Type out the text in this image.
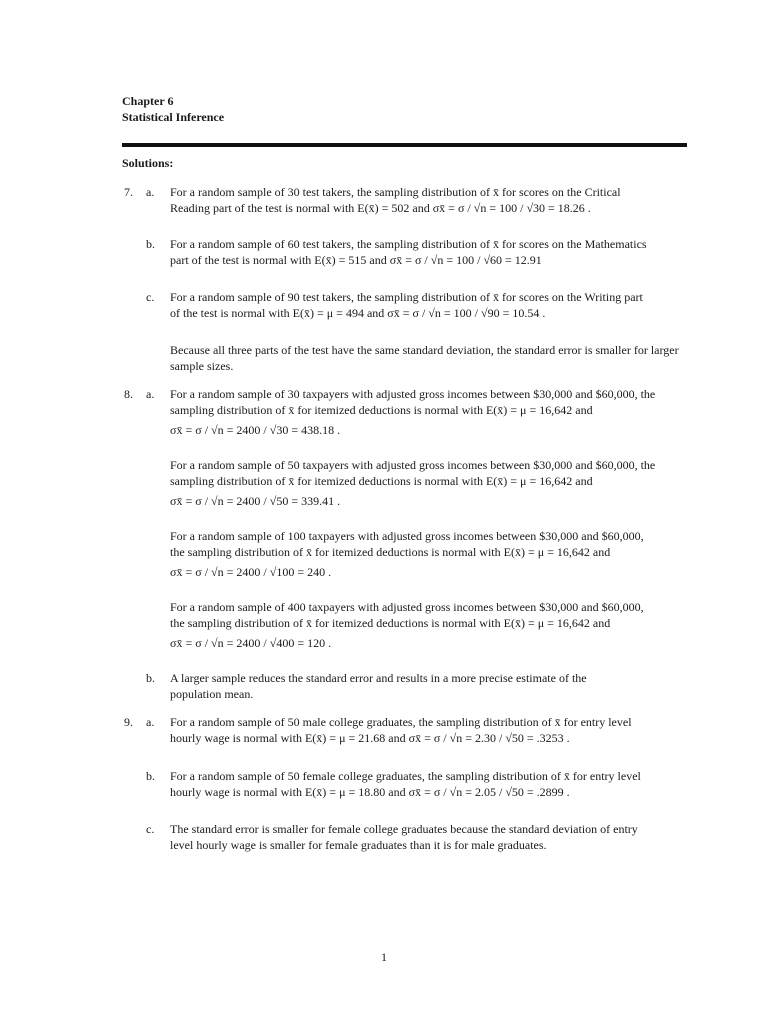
Chapter 6
Statistical Inference
Solutions:
7. a. For a random sample of 30 test takers, the sampling distribution of x̄ for scores on the Critical
Reading part of the test is normal with E(x̄) = 502 and σx̄ = σ / √n = 100 / √30 = 18.26 .
b. For a random sample of 60 test takers, the sampling distribution of x̄ for scores on the Mathematics
part of the test is normal with E(x̄) = 515 and σx̄ = σ / √n = 100 / √60 = 12.91
c. For a random sample of 90 test takers, the sampling distribution of x̄ for scores on the Writing part
of the test is normal with E(x̄) = μ = 494 and σx̄ = σ / √n = 100 / √90 = 10.54 .
Because all three parts of the test have the same standard deviation, the standard error is smaller for larger sample sizes.
8. a. For a random sample of 30 taxpayers with adjusted gross incomes between $30,000 and $60,000, the
sampling distribution of x̄ for itemized deductions is normal with E(x̄) = μ = 16,642 and
σx̄ = σ / √n = 2400 / √30 = 438.18 .
For a random sample of 50 taxpayers with adjusted gross incomes between $30,000 and $60,000, the
sampling distribution of x̄ for itemized deductions is normal with E(x̄) = μ = 16,642 and
σx̄ = σ / √n = 2400 / √50 = 339.41 .
For a random sample of 100 taxpayers with adjusted gross incomes between $30,000 and $60,000,
the sampling distribution of x̄ for itemized deductions is normal with E(x̄) = μ = 16,642 and
σx̄ = σ / √n = 2400 / √100 = 240 .
For a random sample of 400 taxpayers with adjusted gross incomes between $30,000 and $60,000,
the sampling distribution of x̄ for itemized deductions is normal with E(x̄) = μ = 16,642 and
σx̄ = σ / √n = 2400 / √400 = 120 .
b. A larger sample reduces the standard error and results in a more precise estimate of the
population mean.
9. a. For a random sample of 50 male college graduates, the sampling distribution of x̄ for entry level
hourly wage is normal with E(x̄) = μ = 21.68 and σx̄ = σ / √n = 2.30 / √50 = .3253 .
b. For a random sample of 50 female college graduates, the sampling distribution of x̄ for entry level
hourly wage is normal with E(x̄) = μ = 18.80 and σx̄ = σ / √n = 2.05 / √50 = .2899 .
c. The standard error is smaller for female college graduates because the standard deviation of entry
level hourly wage is smaller for female graduates than it is for male graduates.
1
